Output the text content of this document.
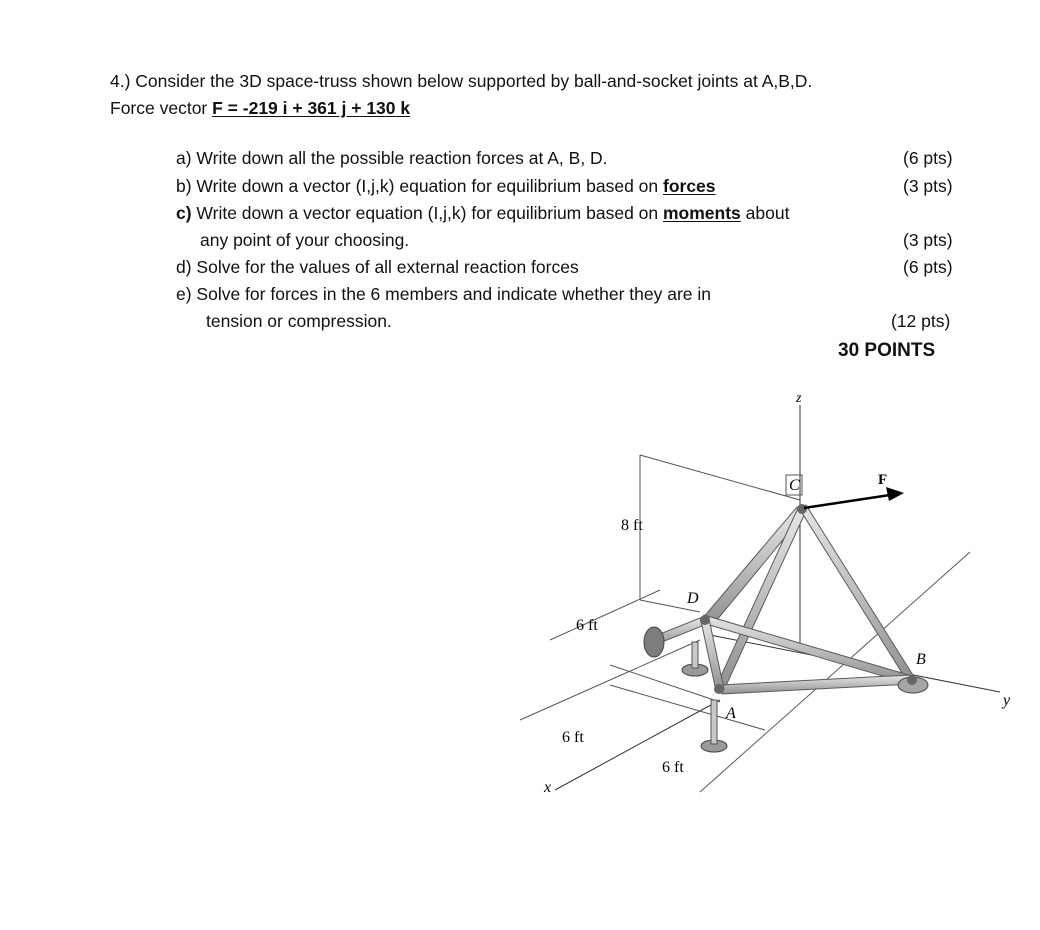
4.) Consider the 3D space-truss shown below supported by ball-and-socket joints at A,B,D.
Force vector F = -219 i + 361 j + 130 k
a) Write down all the possible reaction forces at A, B, D.
b) Write down a vector (I,j,k) equation for equilibrium based on forces
c) Write down a vector equation (I,j,k) for equilibrium based on moments about
any point of your choosing.
d) Solve for the values of all external reaction forces
e) Solve for forces in the 6 members and indicate whether they are in
tension or compression.
(6 pts)
(3 pts)
(3 pts)
(6 pts)
(12 pts)
30 POINTS
z
C	F
D
B
A
y
x
8 ft
6 ft
6 ft
6 ft
